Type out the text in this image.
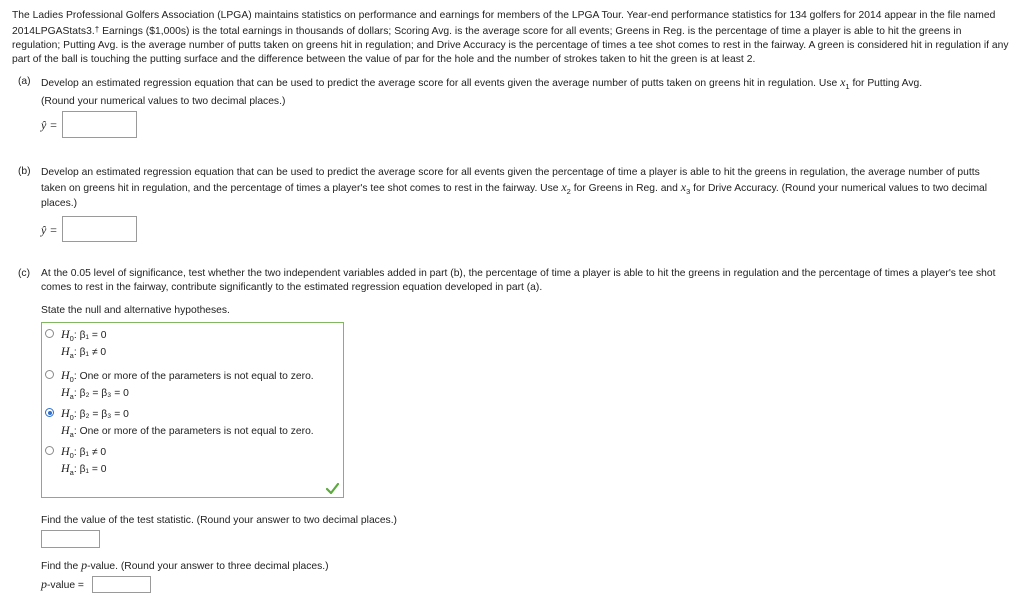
The Ladies Professional Golfers Association (LPGA) maintains statistics on performance and earnings for members of the LPGA Tour. Year-end performance statistics for 134 golfers for 2014 appear in the file named 2014LPGAStats3.† Earnings ($1,000s) is the total earnings in thousands of dollars; Scoring Avg. is the average score for all events; Greens in Reg. is the percentage of time a player is able to hit the greens in regulation; Putting Avg. is the average number of putts taken on greens hit in regulation; and Drive Accuracy is the percentage of times a tee shot comes to rest in the fairway. A green is considered hit in regulation if any part of the ball is touching the putting surface and the difference between the value of par for the hole and the number of strokes taken to hit the green is at least 2.
(a)	Develop an estimated regression equation that can be used to predict the average score for all events given the average number of putts taken on greens hit in regulation. Use $x_1$ for Putting Avg.
(Round your numerical values to two decimal places.)
ŷ =
(b)	Develop an estimated regression equation that can be used to predict the average score for all events given the percentage of time a player is able to hit the greens in regulation, the average number of putts taken on greens hit in regulation, and the percentage of times a player's tee shot comes to rest in the fairway. Use $x_2$ for Greens in Reg. and $x_3$ for Drive Accuracy. (Round your numerical values to two decimal places.)
ŷ =
(c)	At the 0.05 level of significance, test whether the two independent variables added in part (b), the percentage of time a player is able to hit the greens in regulation and the percentage of times a player's tee shot comes to rest in the fairway, contribute significantly to the estimated regression equation developed in part (a).
State the null and alternative hypotheses.
$H_0$: β₁ = 0
$H_a$: β₁ ≠ 0
$H_0$: One or more of the parameters is not equal to zero.
$H_a$: β₂ = β₃ = 0
$H_0$: β₂ = β₃ = 0
$H_a$: One or more of the parameters is not equal to zero.
$H_0$: β₁ ≠ 0
$H_a$: β₁ = 0
Find the value of the test statistic. (Round your answer to two decimal places.)
Find the p-value. (Round your answer to three decimal places.)
p-value =
